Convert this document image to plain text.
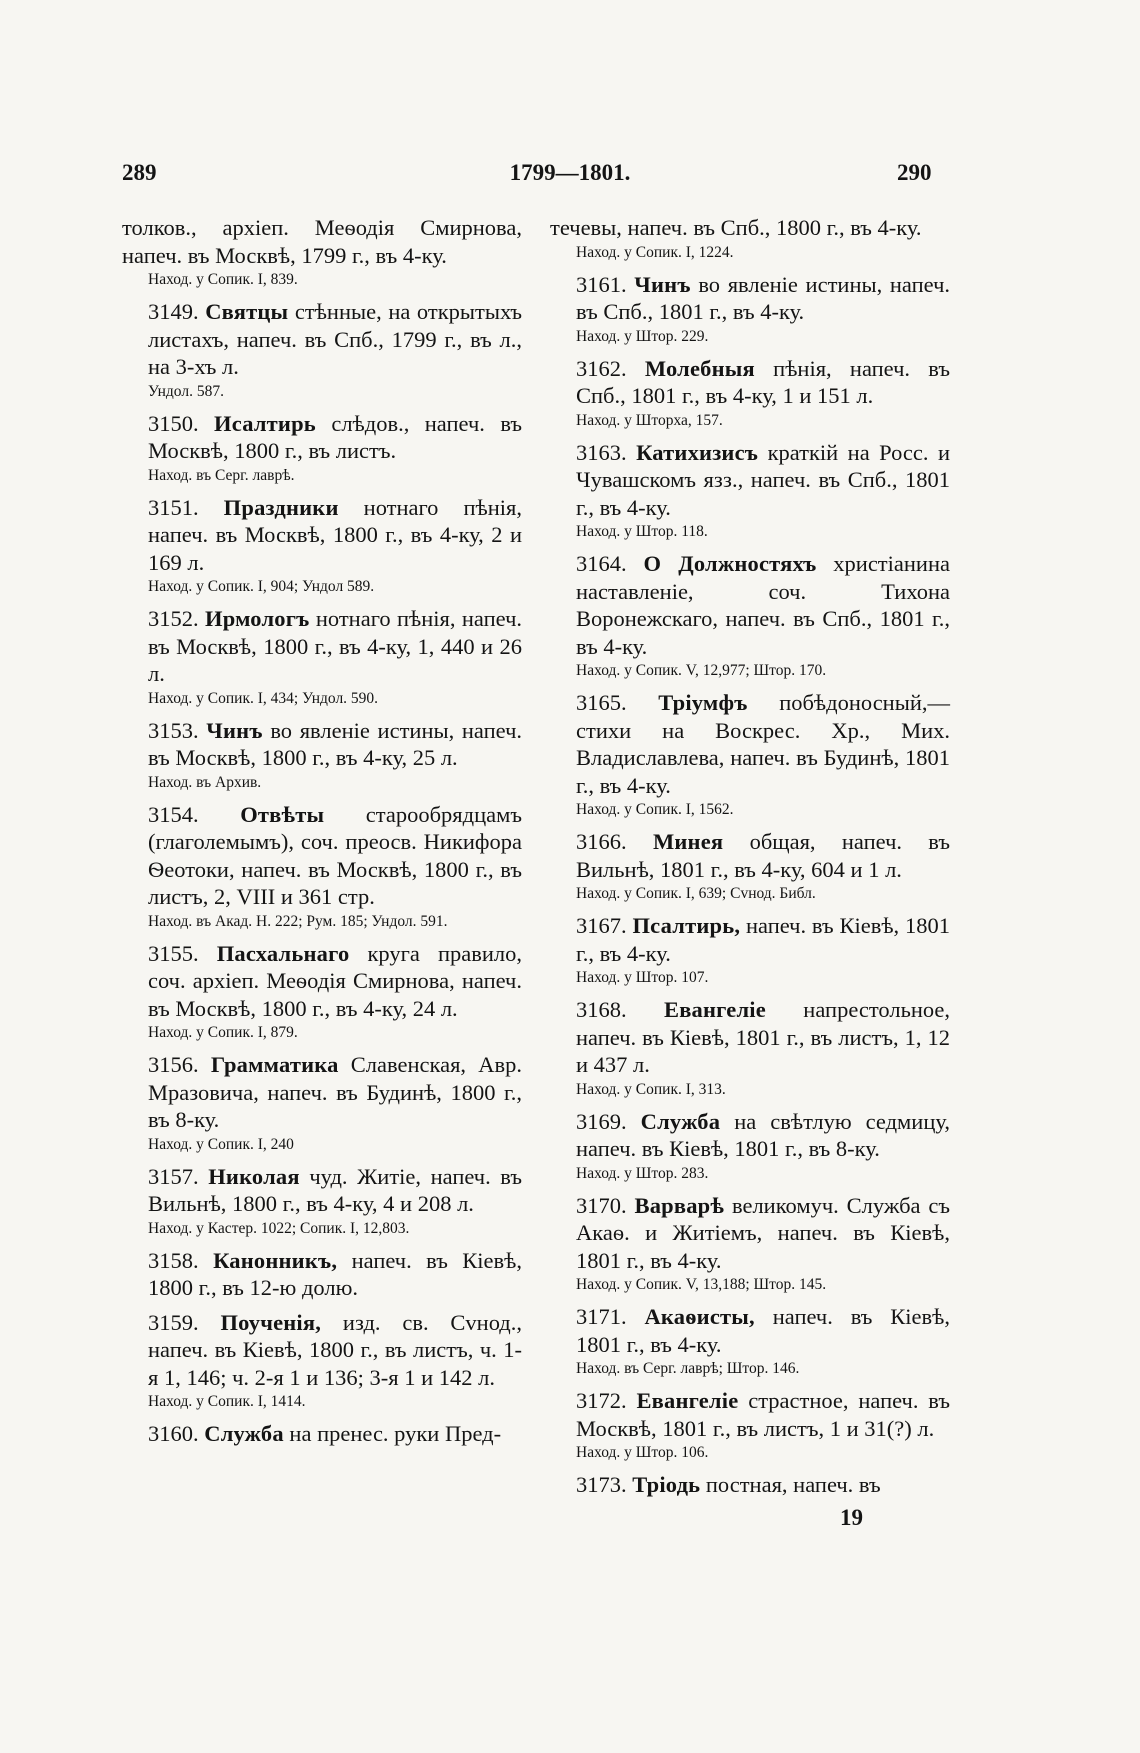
289	1799—1801.	290
толков., архіеп. Меѳодія Смирнова, напеч. въ Москвѣ, 1799 г., въ 4-ку.
Наход. у Сопик. I, 839.
3149. Святцы стѣнные, на открытыхъ листахъ, напеч. въ Спб., 1799 г., въ л., на 3-хъ л.
Ундол. 587.
3150. Исалтирь слѣдов., напеч. въ Москвѣ, 1800 г., въ листъ.
Наход. въ Серг. лаврѣ.
3151. Праздники нотнаго пѣнія, напеч. въ Москвѣ, 1800 г., въ 4-ку, 2 и 169 л.
Наход. у Сопик. I, 904; Ундол 589.
3152. Ирмологъ нотнаго пѣнія, напеч. въ Москвѣ, 1800 г., въ 4-ку, 1, 440 и 26 л.
Наход. у Сопик. I, 434; Ундол. 590.
3153. Чинъ во явленіе истины, напеч. въ Москвѣ, 1800 г., въ 4-ку, 25 л.
Наход. въ Архив.
3154. Отвѣты старообрядцамъ (глаголемымъ), соч. преосв. Никифора Ѳеотоки, напеч. въ Москвѣ, 1800 г., въ листъ, 2, VIII и 361 стр.
Наход. въ Акад. Н. 222; Рум. 185; Ундол. 591.
3155. Пасхальнаго круга правило, соч. архіеп. Меѳодія Смирнова, напеч. въ Москвѣ, 1800 г., въ 4-ку, 24 л.
Наход. у Сопик. I, 879.
3156. Грамматика Славенская, Авр. Мразовича, напеч. въ Будинѣ, 1800 г., въ 8-ку.
Наход. у Сопик. I, 240
3157. Николая чуд. Житіе, напеч. въ Вильнѣ, 1800 г., въ 4-ку, 4 и 208 л.
Наход. у Кастер. 1022; Сопик. I, 12,803.
3158. Канонникъ, напеч. въ Кіевѣ, 1800 г., въ 12-ю долю.
3159. Поученія, изд. св. Сvнод., напеч. въ Кіевѣ, 1800 г., въ листъ, ч. 1-я 1, 146; ч. 2-я 1 и 136; 3-я 1 и 142 л.
Наход. у Сопик. I, 1414.
3160. Служба на пренес. руки Пред-
течевы, напеч. въ Спб., 1800 г., въ 4-ку.
Наход. у Сопик. I, 1224.
3161. Чинъ во явленіе истины, напеч. въ Спб., 1801 г., въ 4-ку.
Наход. у Штор. 229.
3162. Молебныя пѣнія, напеч. въ Спб., 1801 г., въ 4-ку, 1 и 151 л.
Наход. у Шторха, 157.
3163. Катихизисъ краткій на Росс. и Чувашскомъ язз., напеч. въ Спб., 1801 г., въ 4-ку.
Наход. у Штор. 118.
3164. О Должностяхъ христіанина наставленіе, соч. Тихона Воронежскаго, напеч. въ Спб., 1801 г., въ 4-ку.
Наход. у Сопик. V, 12,977; Штор. 170.
3165. Тріумфъ побѣдоносный,— стихи на Воскрес. Хр., Мих. Владиславлева, напеч. въ Будинѣ, 1801 г., въ 4-ку.
Наход. у Сопик. I, 1562.
3166. Минея общая, напеч. въ Вильнѣ, 1801 г., въ 4-ку, 604 и 1 л.
Наход. у Сопик. I, 639; Сvнод. Библ.
3167. Псалтирь, напеч. въ Кіевѣ, 1801 г., въ 4-ку.
Наход. у Штор. 107.
3168. Евангеліе напрестольное, напеч. въ Кіевѣ, 1801 г., въ листъ, 1, 12 и 437 л.
Наход. у Сопик. I, 313.
3169. Служба на свѣтлую седмицу, напеч. въ Кіевѣ, 1801 г., въ 8-ку.
Наход. у Штор. 283.
3170. Варварѣ великомуч. Служба съ Акаѳ. и Житіемъ, напеч. въ Кіевѣ, 1801 г., въ 4-ку.
Наход. у Сопик. V, 13,188; Штор. 145.
3171. Акаѳисты, напеч. въ Кіевѣ, 1801 г., въ 4-ку.
Наход. въ Серг. лаврѣ; Штор. 146.
3172. Евангеліе страстное, напеч. въ Москвѣ, 1801 г., въ листъ, 1 и 31(?) л.
Наход. у Штор. 106.
3173. Тріодь постная, напеч. въ
19
